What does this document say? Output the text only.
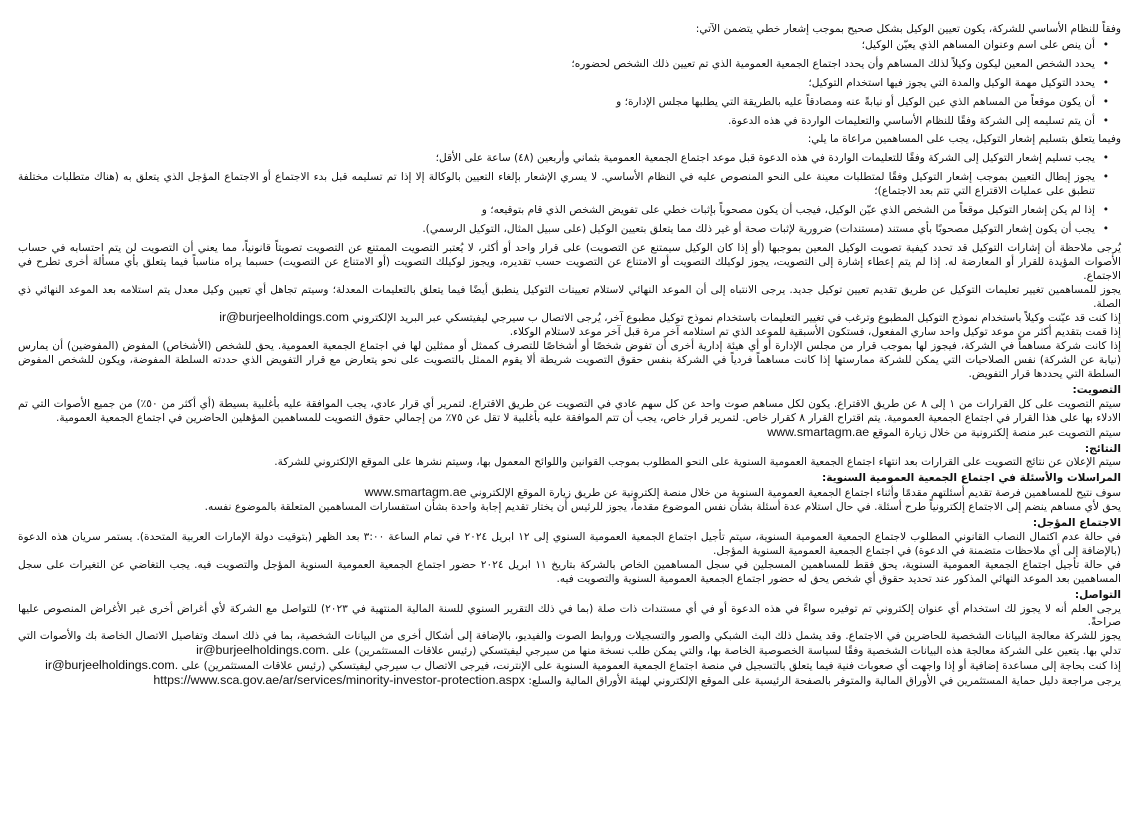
وفقاً للنظام الأساسي للشركة، يكون تعيين الوكيل بشكل صحيح بموجب إشعار خطي يتضمن الآتي:

• أن ينص على اسم وعنوان المساهم الذي يعيّن الوكيل؛
• يحدد الشخص المعين ليكون وكيلاً لذلك المساهم وأن يحدد اجتماع الجمعية العمومية الذي تم تعيين ذلك الشخص لحضوره؛
• يحدد التوكيل مهمة الوكيل والمدة التي يجوز فيها استخدام التوكيل؛
• أن يكون موقعاً من المساهم الذي عين الوكيل أو نيابةً عنه ومصادقاً عليه بالطريقة التي يطلبها مجلس الإدارة؛ و
• أن يتم تسليمه إلى الشركة وفقًا للنظام الأساسي والتعليمات الواردة في هذه الدعوة.

وفيما يتعلق بتسليم إشعار التوكيل، يجب على المساهمين مراعاة ما يلي:

• يجب تسليم إشعار التوكيل إلى الشركة وفقًا للتعليمات الواردة في هذه الدعوة قبل موعد اجتماع الجمعية العمومية بثماني وأربعين (٤٨) ساعة على الأقل؛
• يجوز إبطال التعيين بموجب إشعار التوكيل وفقًا لمتطلبات معينة على النحو المنصوص عليه في النظام الأساسي. لا يسري الإشعار بإلغاء التعيين بالوكالة إلا إذا تم تسليمه قبل بدء الاجتماع أو الاجتماع المؤجل الذي يتعلق به (هناك متطلبات مختلفة تنطبق على عمليات الاقتراع التي تتم بعد الاجتماع)؛
• إذا لم يكن إشعار التوكيل موقعاً من الشخص الذي عيّن الوكيل، فيجب أن يكون مصحوباً بإثبات خطي على تفويض الشخص الذي قام بتوقيعه؛ و
• يجب أن يكون إشعار التوكيل مصحوبًا بأي مستند (مستندات) ضرورية لإثبات صحة أو غير ذلك مما يتعلق بتعيين الوكيل (على سبيل المثال، التوكيل الرسمي).

يُرجى ملاحظة أن إشارات التوكيل قد تحدد كيفية تصويت الوكيل المعين بموجبها (أو إذا كان الوكيل سيمتنع عن التصويت) على قرار واحد أو أكثر، لا يُعتبر التصويت الممتنع عن التصويت تصويتاً قانونياً، مما يعني أن التصويت لن يتم احتسابه في حساب الأصوات المؤيدة للقرار أو المعارضة له. إذا لم يتم إعطاء إشارة إلى التصويت، يجوز لوكيلك التصويت أو الامتناع عن التصويت حسب تقديره، ويجوز لوكيلك التصويت (أو الامتناع عن التصويت) حسبما يراه مناسباً فيما يتعلق بأي مسألة أخرى تطرح في الاجتماع.

يجوز للمساهمين تغيير تعليمات التوكيل عن طريق تقديم تعيين توكيل جديد. يرجى الانتباه إلى أن الموعد النهائي لاستلام تعيينات التوكيل ينطبق أيضًا فيما يتعلق بالتعليمات المعدلة؛ وسيتم تجاهل أي تعيين وكيل معدل يتم استلامه بعد الموعد النهائي ذي الصلة.

إذا كنت قد عيّنت وكيلاً باستخدام نموذج التوكيل المطبوع وترغب في تغيير التعليمات باستخدام نموذج توكيل مطبوع آخر، يُرجى الاتصال ب سيرجي ليفيتسكي عبر البريد الإلكتروني ir@burjeelholdings.com

إذا قمت بتقديم أكثر من موعد توكيل واحد ساري المفعول، فستكون الأسبقية للموعد الذي تم استلامه آخر مرة قبل آخر موعد لاستلام الوكلاء.

إذا كانت شركة مساهماً في الشركة، فيجوز لها بموجب قرار من مجلس الإدارة أو أي هيئة إدارية أخرى أن تفوض شخصًا أو أشخاصًا للتصرف كممثل أو ممثلين لها في اجتماع الجمعية العمومية. يحق للشخص (الأشخاص) المفوض (المفوضين) أن يمارس (نيابة عن الشركة) نفس الصلاحيات التي يمكن للشركة ممارستها إذا كانت مساهماً فردياً في الشركة بنفس حقوق التصويت شريطة ألا يقوم الممثل بالتصويت على نحو يتعارض مع قرار التفويض الذي حددته السلطة المفوضة، ويكون للشخص المفوض السلطة التي يحددها قرار التفويض.

التصويت:

سيتم التصويت على كل القرارات من ١ إلى ٨ عن طريق الاقتراع. يكون لكل مساهم صوت واحد عن كل سهم عادي في التصويت عن طريق الاقتراع. لتمرير أي قرار عادي، يجب الموافقة عليه بأغلبية بسيطة (أي أكثر من ٥٠٪) من جميع الأصوات التي تم الادلاء بها على هذا القرار في اجتماع الجمعية العمومية. يتم اقتراح القرار ٨ كقرار خاص. لتمرير قرار خاص، يجب أن تتم الموافقة عليه بأغلبية لا تقل عن ٧٥٪ من إجمالي حقوق التصويت للمساهمين المؤهلين الحاضرين في اجتماع الجمعية العمومية.

سيتم التصويت عبر منصة إلكترونية من خلال زيارة الموقع www.smartagm.ae

النتائج:

سيتم الإعلان عن نتائج التصويت على القرارات بعد انتهاء اجتماع الجمعية العمومية السنوية على النحو المطلوب بموجب القوانين واللوائح المعمول بها، وسيتم نشرها على الموقع الإلكتروني للشركة.

المراسلات والأسئلة في اجتماع الجمعية العمومية السنوية:

سوف نتيح للمساهمين فرصة تقديم أسئلتهم مقدمًا وأثناء اجتماع الجمعية العمومية السنوية من خلال منصة إلكترونية عن طريق زيارة الموقع الإلكتروني www.smartagm.ae

يحق لأي مساهم ينضم إلى الاجتماع إلكترونياً طرح أسئلة. في حال استلام عدة أسئلة بشأن نفس الموضوع مقدماً، يجوز للرئيس أن يختار تقديم إجابة واحدة بشأن استفسارات المساهمين المتعلقة بالموضوع نفسه.

الاجتماع المؤجل:

في حالة عدم اكتمال النصاب القانوني المطلوب لاجتماع الجمعية العمومية السنوية، سيتم تأجيل اجتماع الجمعية العمومية السنوي إلى ١٢ ابريل ٢٠٢٤ في تمام الساعة ٣:٠٠ بعد الظهر (بتوقيت دولة الإمارات العربية المتحدة). يستمر سريان هذه الدعوة (بالإضافة إلى أي ملاحظات متضمنة في الدعوة) في اجتماع الجمعية العمومية السنوية المؤجل.

في حالة تأجيل اجتماع الجمعية العمومية السنوية، يحق فقط للمساهمين المسجلين في سجل المساهمين الخاص بالشركة بتاريخ ١١ ابريل ٢٠٢٤ حضور اجتماع الجمعية العمومية السنوية المؤجل والتصويت فيه. يجب التغاضي عن التغيرات على سجل المساهمين بعد الموعد النهائي المذكور عند تحديد حقوق أي شخص يحق له حضور اجتماع الجمعية العمومية السنوية والتصويت فيه.

التواصل:

يرجى العلم أنه لا يجوز لك استخدام أي عنوان إلكتروني تم توفيره سواءً في هذه الدعوة أو في أي مستندات ذات صلة (بما في ذلك التقرير السنوي للسنة المالية المنتهية في ٢٠٢٣) للتواصل مع الشركة لأي أغراض أخرى غير الأغراض المنصوص عليها صراحةً.

يجوز للشركة معالجة البيانات الشخصية للحاضرين في الاجتماع. وقد يشمل ذلك البث الشبكي والصور والتسجيلات وروابط الصوت والفيديو، بالإضافة إلى أشكال أخرى من البيانات الشخصية، بما في ذلك اسمك وتفاصيل الاتصال الخاصة بك والأصوات التي تدلي بها. يتعين على الشركة معالجة هذه البيانات الشخصية وفقًا لسياسة الخصوصية الخاصة بها، والتي يمكن طلب نسخة منها من سيرجي ليفيتسكي (رئيس علاقات المستثمرين) على ir@burjeelholdings.com.

إذا كنت بحاجة إلى مساعدة إضافية أو إذا واجهت أي صعوبات فنية فيما يتعلق بالتسجيل في منصة اجتماع الجمعية العمومية السنوية على الإنترنت، فيرجى الاتصال ب سيرجي ليفيتسكي (رئيس علاقات المستثمرين) على ir@burjeelholdings.com.

يرجى مراجعة دليل حماية المستثمرين في الأوراق المالية والمتوفر بالصفحة الرئيسية على الموقع الإلكتروني لهيئة الأوراق المالية والسلع: https://www.sca.gov.ae/ar/services/minority-investor-protection.aspx
